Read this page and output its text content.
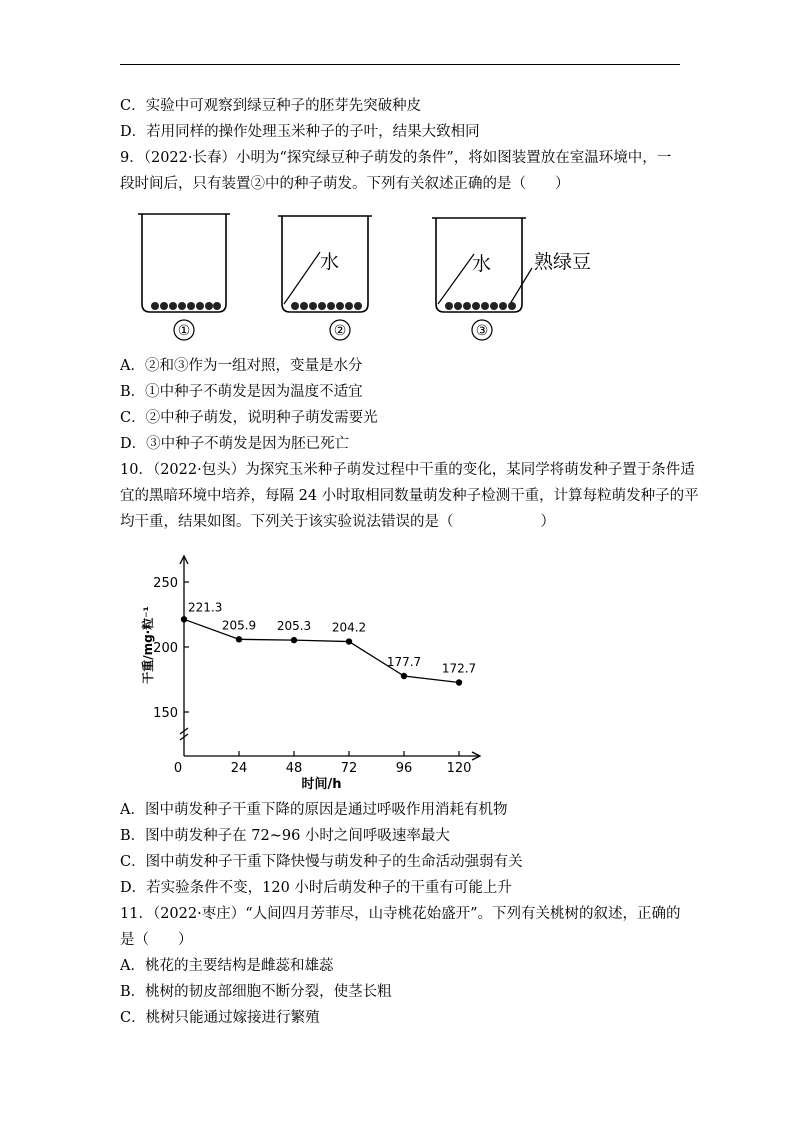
C．实验中可观察到绿豆种子的胚芽先突破种皮
D．若用同样的操作处理玉米种子的子叶，结果大致相同
9．（2022·长春）小明为“探究绿豆种子萌发的条件”，将如图装置放在室温环境中，一
段时间后，只有装置②中的种子萌发。下列有关叙述正确的是（　　）
①
水
②
水 熟绿豆
③
A．②和③作为一组对照，变量是水分
B．①中种子不萌发是因为温度不适宜
C．②中种子萌发，说明种子萌发需要光
D．③中种子不萌发是因为胚已死亡
10．（2022·包头）为探究玉米种子萌发过程中干重的变化，某同学将萌发种子置于条件适
宜的黑暗环境中培养，每隔 24 小时取相同数量萌发种子检测干重，计算每粒萌发种子的平
均干重，结果如图。下列关于该实验说法错误的是（　　　　　　）
150
200
250
0	24	48	72	96	120
221.3
205.9 205.3 204.2
177.7 172.7
时间/h
干重/mg·粒⁻¹
A．图中萌发种子干重下降的原因是通过呼吸作用消耗有机物
B．图中萌发种子在 72~96 小时之间呼吸速率最大
C．图中萌发种子干重下降快慢与萌发种子的生命活动强弱有关
D．若实验条件不变，120 小时后萌发种子的干重有可能上升
11．（2022·枣庄）“人间四月芳菲尽，山寺桃花始盛开”。下列有关桃树的叙述，正确的
是（　　）
A．桃花的主要结构是雌蕊和雄蕊
B．桃树的韧皮部细胞不断分裂，使茎长粗
C．桃树只能通过嫁接进行繁殖
